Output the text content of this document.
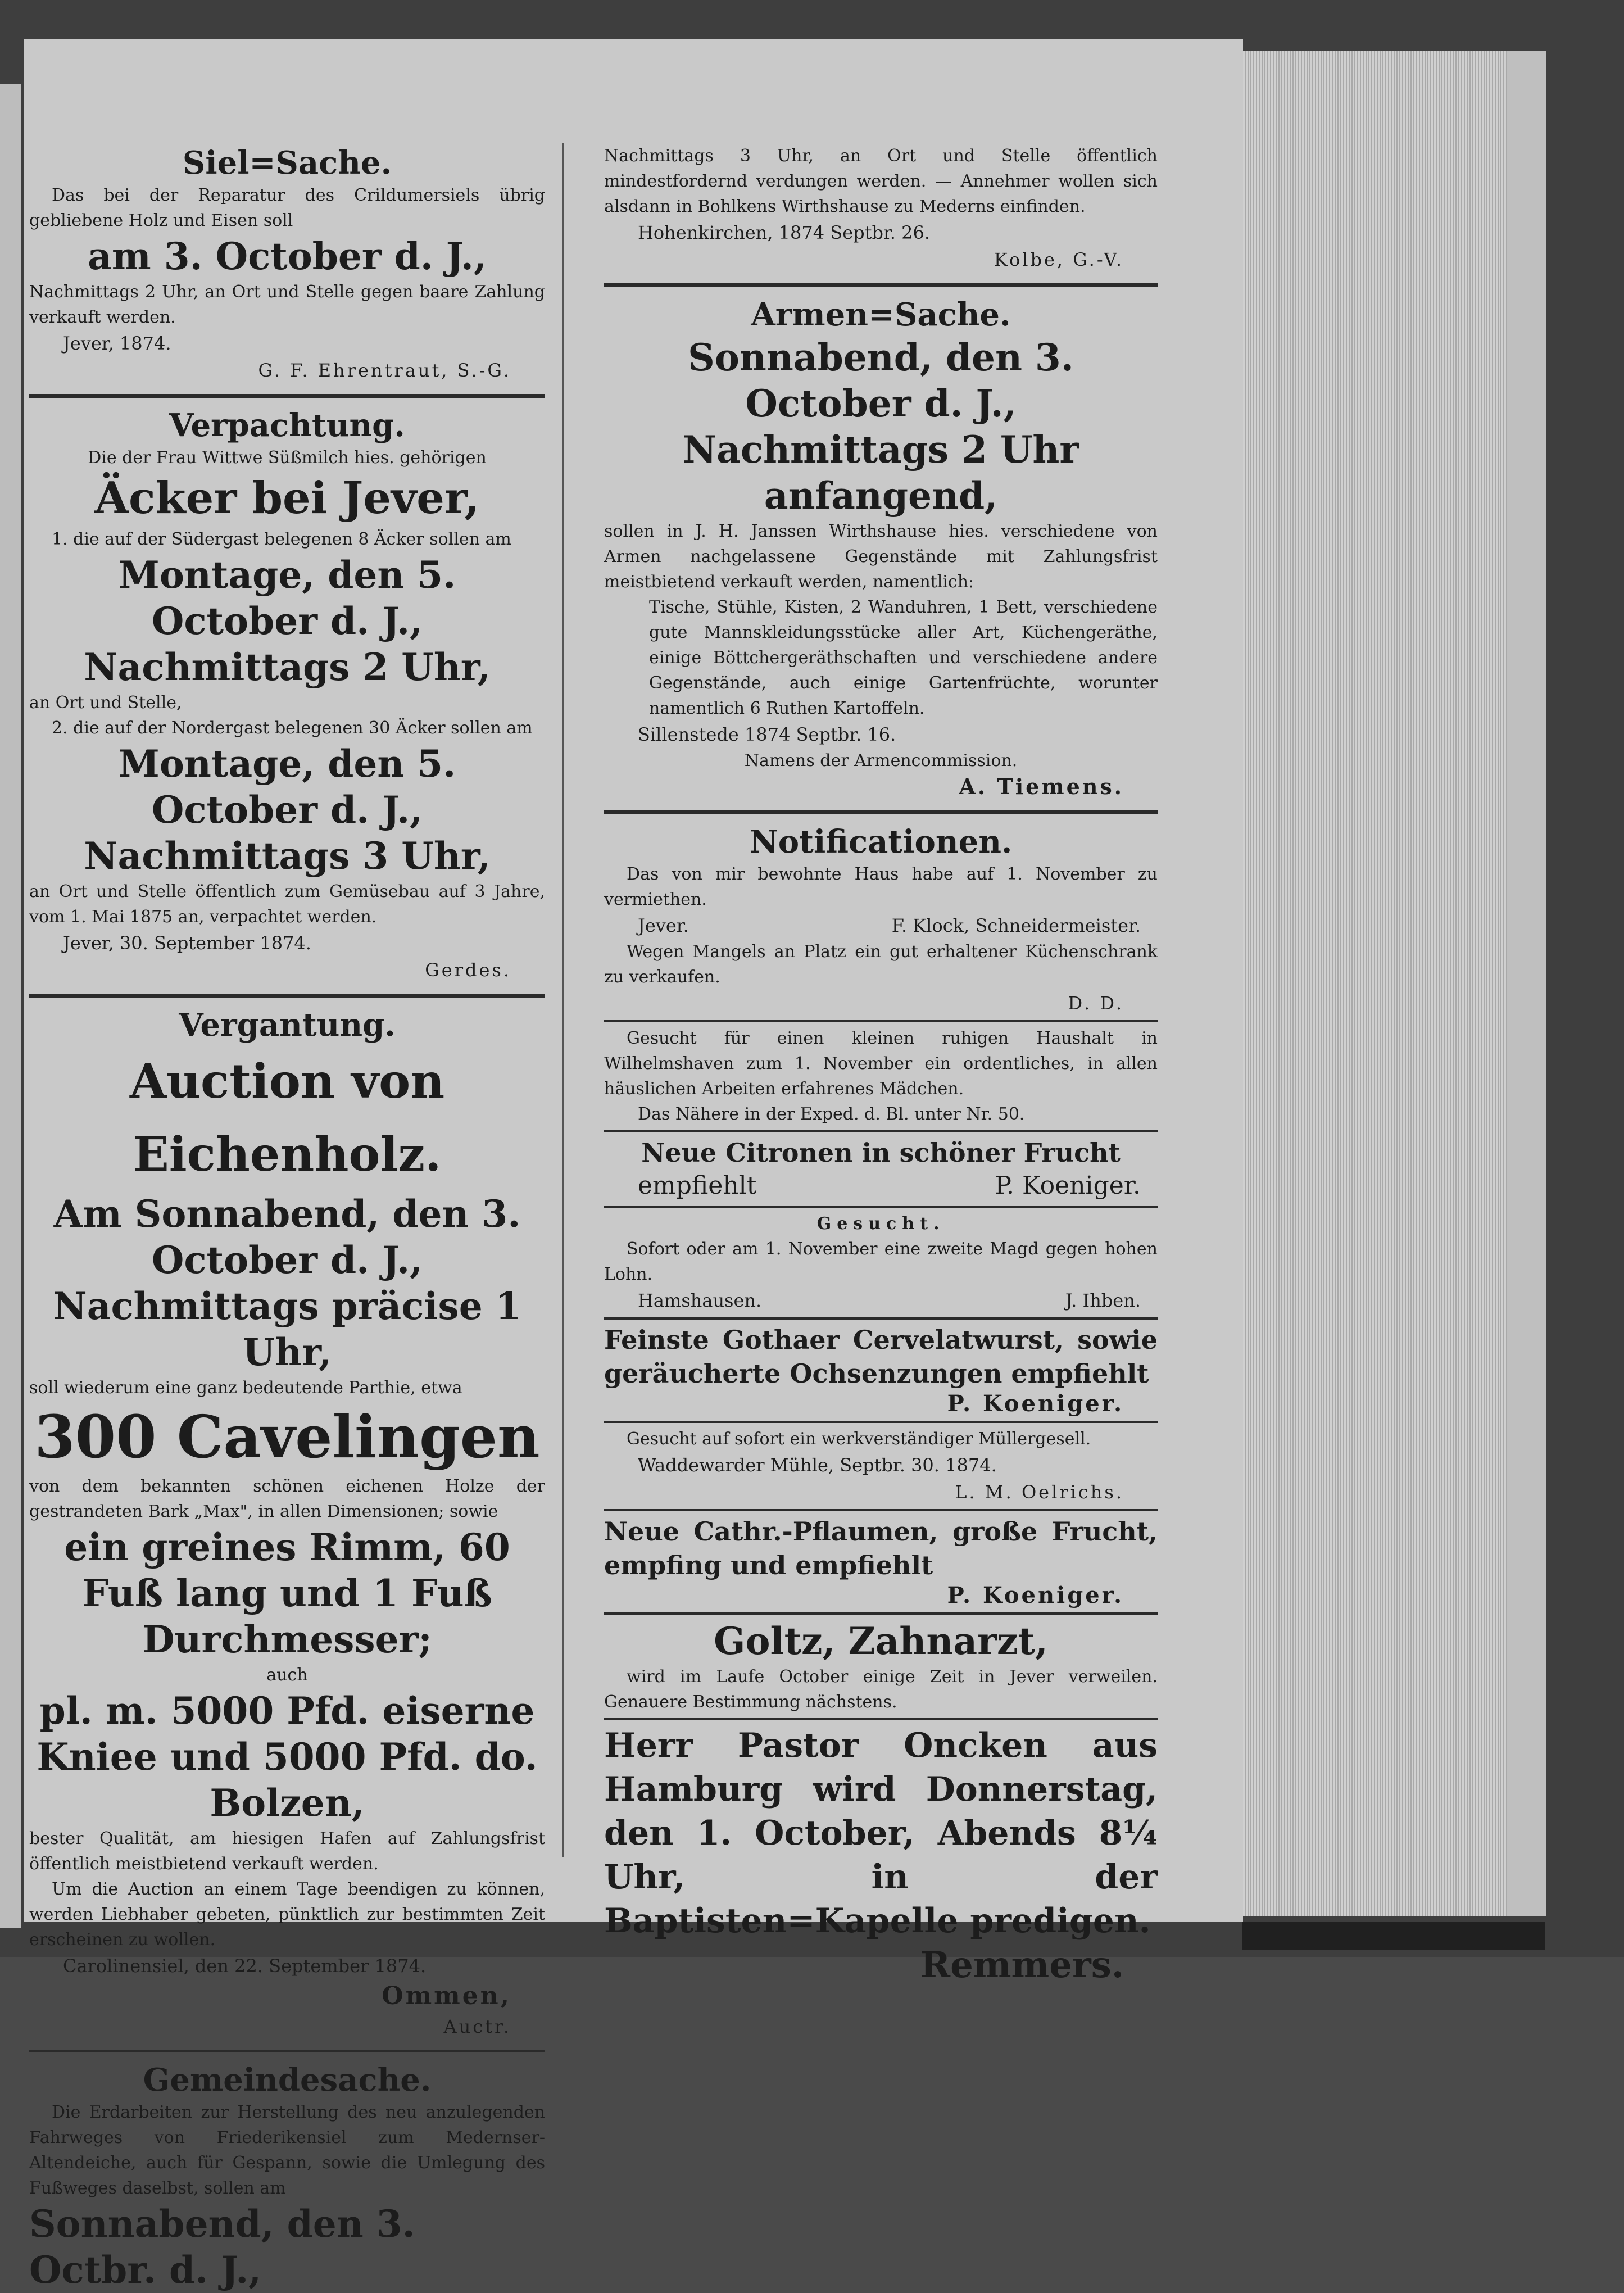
Siel=Sache.
Das bei der Reparatur des Crildumersiels übrig gebliebene Holz und Eisen soll
am 3. October d. J.,
Nachmittags 2 Uhr, an Ort und Stelle gegen baare Zahlung verkauft werden.
Jever, 1874.
G. F. Ehrentraut, S.-G.
Verpachtung.
Die der Frau Wittwe Süßmilch hies. gehörigen
Äcker bei Jever,
1. die auf der Südergast belegenen 8 Äcker sollen am
Montage, den 5. October d. J.,
Nachmittags 2 Uhr,
an Ort und Stelle,
2. die auf der Nordergast belegenen 30 Äcker sollen am
Montage, den 5. October d. J.,
Nachmittags 3 Uhr,
an Ort und Stelle öffentlich zum Gemüsebau auf 3 Jahre, vom 1. Mai 1875 an, verpachtet werden.
Jever, 30. September 1874.
Gerdes.
Vergantung.
Auction von Eichenholz.
Am Sonnabend, den 3. October d. J., Nachmittags präcise 1 Uhr,
soll wiederum eine ganz bedeutende Parthie, etwa
300 Cavelingen
von dem bekannten schönen eichenen Holze der gestrandeten Bark „Max", in allen Dimensionen; sowie
ein greines Rimm, 60 Fuß lang und 1 Fuß Durchmesser;
auch
pl. m. 5000 Pfd. eiserne Kniee und 5000 Pfd. do. Bolzen,
bester Qualität, am hiesigen Hafen auf Zahlungsfrist öffentlich meistbietend verkauft werden.
Um die Auction an einem Tage beendigen zu können, werden Liebhaber gebeten, pünktlich zur bestimmten Zeit erscheinen zu wollen.
Carolinensiel, den 22. September 1874.
Ommen,
Auctr.
Gemeindesache.
Die Erdarbeiten zur Herstellung des neu anzulegenden Fahrweges von Friederikensiel zum Medernser-Altendeiche, auch für Gespann, sowie die Umlegung des Fußweges daselbst, sollen am
Sonnabend, den 3. Octbr. d. J.,
Nachmittags 3 Uhr, an Ort und Stelle öffentlich mindestfordernd verdungen werden. — Annehmer wollen sich alsdann in Bohlkens Wirthshause zu Mederns einfinden.
Hohenkirchen, 1874 Septbr. 26.
Kolbe, G.-V.
Armen=Sache.
Sonnabend, den 3. October d. J.,
Nachmittags 2 Uhr anfangend,
sollen in J. H. Janssen Wirthshause hies. verschiedene von Armen nachgelassene Gegenstände mit Zahlungsfrist meistbietend verkauft werden, namentlich:
Tische, Stühle, Kisten, 2 Wanduhren, 1 Bett, verschiedene gute Mannskleidungsstücke aller Art, Küchengeräthe, einige Böttchergeräthschaften und verschiedene andere Gegenstände, auch einige Gartenfrüchte, worunter namentlich 6 Ruthen Kartoffeln.
Sillenstede 1874 Septbr. 16.
Namens der Armencommission.
A. Tiemens.
Notificationen.
Das von mir bewohnte Haus habe auf 1. November zu vermiethen.
Jever.	F. Klock, Schneidermeister.
Wegen Mangels an Platz ein gut erhaltener Küchenschrank zu verkaufen.
D. D.
Gesucht für einen kleinen ruhigen Haushalt in Wilhelmshaven zum 1. November ein ordentliches, in allen häuslichen Arbeiten erfahrenes Mädchen.
Das Nähere in der Exped. d. Bl. unter Nr. 50.
Neue Citronen in schöner Frucht
empfiehlt	P. Koeniger.
Gesucht.
Sofort oder am 1. November eine zweite Magd gegen hohen Lohn.
Hamshausen.	J. Ihben.
Feinste Gothaer Cervelatwurst, sowie geräucherte Ochsenzungen empfiehlt
P. Koeniger.
Gesucht auf sofort ein werkverständiger Müllergesell.
Waddewarder Mühle, Septbr. 30. 1874.
L. M. Oelrichs.
Neue Cathr.-Pflaumen, große Frucht, empfing und empfiehlt
P. Koeniger.
Goltz, Zahnarzt,
wird im Laufe October einige Zeit in Jever verweilen. Genauere Bestimmung nächstens.
Herr Pastor Oncken aus Hamburg wird Donnerstag, den 1. October, Abends 8¼ Uhr, in der Baptisten=Kapelle predigen.
Remmers.
